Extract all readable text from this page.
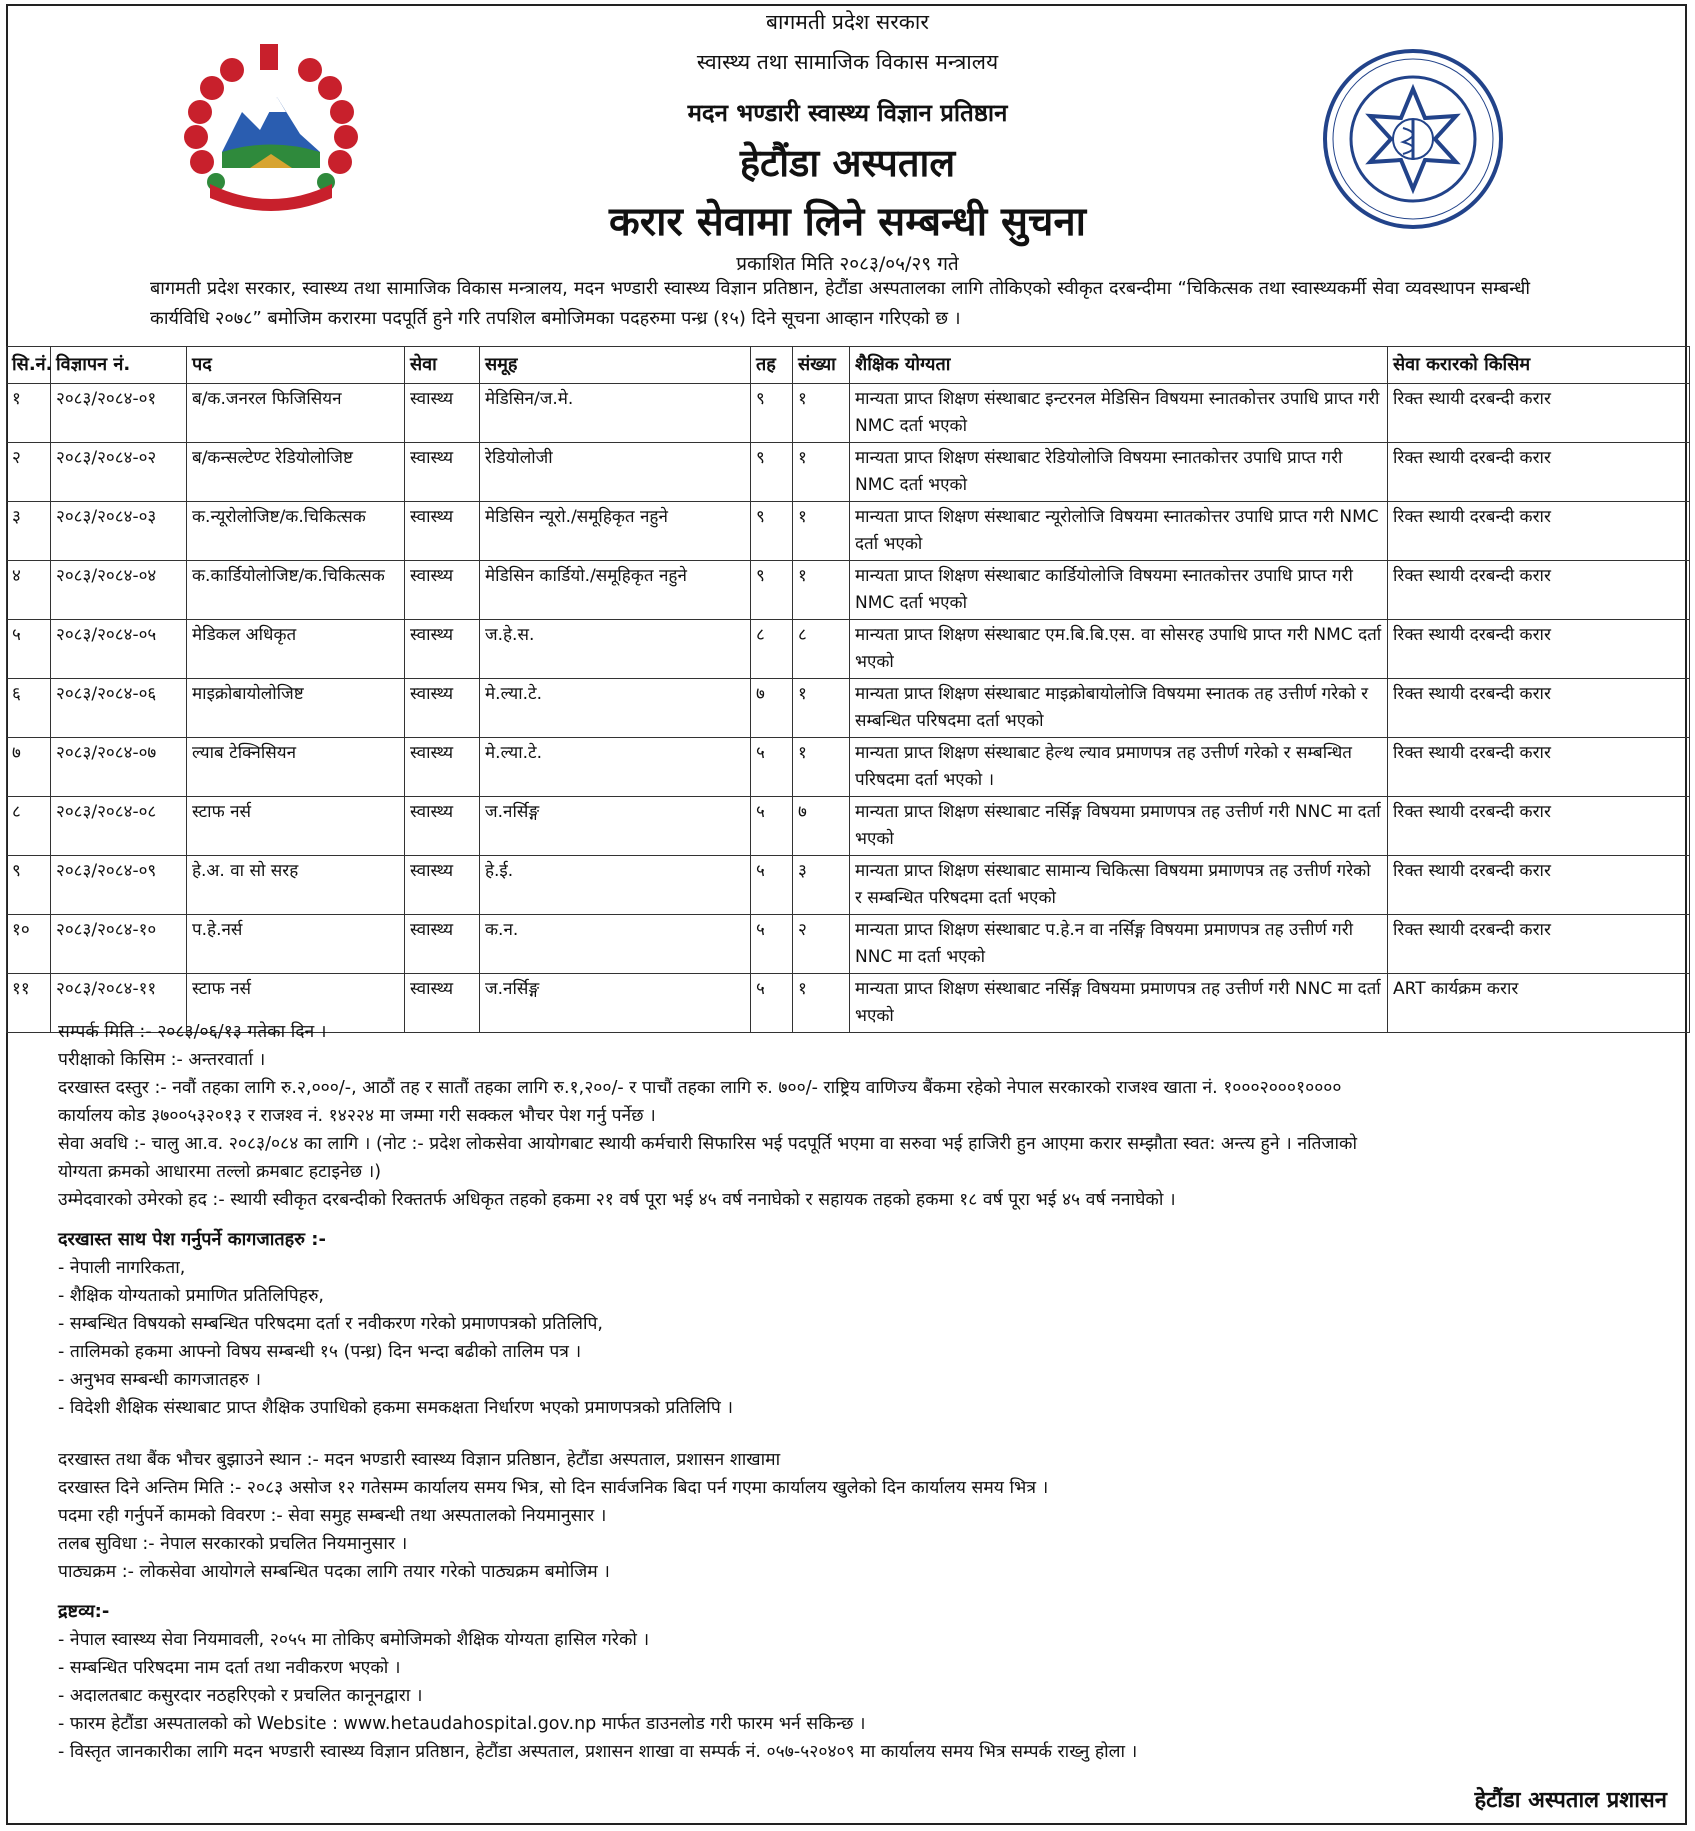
बागमती प्रदेश सरकार
स्वास्थ्य तथा सामाजिक विकास मन्त्रालय
मदन भण्डारी स्वास्थ्य विज्ञान प्रतिष्ठान
हेटौंडा अस्पताल
करार सेवामा लिने सम्बन्धी सुचना
प्रकाशित मिति २०८३/०५/२९ गते
बागमती प्रदेश सरकार, स्वास्थ्य तथा सामाजिक विकास मन्त्रालय, मदन भण्डारी स्वास्थ्य विज्ञान प्रतिष्ठान, हेटौंडा अस्पतालका लागि तोकिएको स्वीकृत दरबन्दीमा “चिकित्सक तथा स्वास्थ्यकर्मी सेवा व्यवस्थापन सम्बन्धी कार्यविधि २०७८” बमोजिम करारमा पदपूर्ति हुने गरि तपशिल बमोजिमका पदहरुमा पन्ध्र (१५) दिने सूचना आव्हान गरिएको छ ।
सि.नं.	विज्ञापन नं.	पद	सेवा	समूह	तह	संख्या	शैक्षिक योग्यता	सेवा करारको किसिम
१	२०८३/२०८४-०१	ब/क.जनरल फिजिसियन	स्वास्थ्य	मेडिसिन/ज.मे.	९	१	मान्यता प्राप्त शिक्षण संस्थाबाट इन्टरनल मेडिसिन विषयमा स्नातकोत्तर उपाधि प्राप्त गरी NMC दर्ता भएको	रिक्त स्थायी दरबन्दी करार
२	२०८३/२०८४-०२	ब/कन्सल्टेण्ट रेडियोलोजिष्ट	स्वास्थ्य	रेडियोलोजी	९	१	मान्यता प्राप्त शिक्षण संस्थाबाट रेडियोलोजि विषयमा स्नातकोत्तर उपाधि प्राप्त गरी NMC दर्ता भएको	रिक्त स्थायी दरबन्दी करार
३	२०८३/२०८४-०३	क.न्यूरोलोजिष्ट/क.चिकित्सक	स्वास्थ्य	मेडिसिन न्यूरो./समूहिकृत नहुने	९	१	मान्यता प्राप्त शिक्षण संस्थाबाट न्यूरोलोजि विषयमा स्नातकोत्तर उपाधि प्राप्त गरी NMC दर्ता भएको	रिक्त स्थायी दरबन्दी करार
४	२०८३/२०८४-०४	क.कार्डियोलोजिष्ट/क.चिकित्सक	स्वास्थ्य	मेडिसिन कार्डियो./समूहिकृत नहुने	९	१	मान्यता प्राप्त शिक्षण संस्थाबाट कार्डियोलोजि विषयमा स्नातकोत्तर उपाधि प्राप्त गरी NMC दर्ता भएको	रिक्त स्थायी दरबन्दी करार
५	२०८३/२०८४-०५	मेडिकल अधिकृत	स्वास्थ्य	ज.हे.स.	८	८	मान्यता प्राप्त शिक्षण संस्थाबाट एम.बि.बि.एस. वा सोसरह उपाधि प्राप्त गरी NMC दर्ता भएको	रिक्त स्थायी दरबन्दी करार
६	२०८३/२०८४-०६	माइक्रोबायोलोजिष्ट	स्वास्थ्य	मे.ल्या.टे.	७	१	मान्यता प्राप्त शिक्षण संस्थाबाट माइक्रोबायोलोजि विषयमा स्नातक तह उत्तीर्ण गरेको र सम्बन्धित परिषदमा दर्ता भएको	रिक्त स्थायी दरबन्दी करार
७	२०८३/२०८४-०७	ल्याब टेक्निसियन	स्वास्थ्य	मे.ल्या.टे.	५	१	मान्यता प्राप्त शिक्षण संस्थाबाट हेल्थ ल्याव प्रमाणपत्र तह उत्तीर्ण गरेको र सम्बन्धित परिषदमा दर्ता भएको ।	रिक्त स्थायी दरबन्दी करार
८	२०८३/२०८४-०८	स्टाफ नर्स	स्वास्थ्य	ज.नर्सिङ्ग	५	७	मान्यता प्राप्त शिक्षण संस्थाबाट नर्सिङ्ग विषयमा प्रमाणपत्र तह उत्तीर्ण गरी NNC मा दर्ता भएको	रिक्त स्थायी दरबन्दी करार
९	२०८३/२०८४-०९	हे.अ. वा सो सरह	स्वास्थ्य	हे.ई.	५	३	मान्यता प्राप्त शिक्षण संस्थाबाट सामान्य चिकित्सा विषयमा प्रमाणपत्र तह उत्तीर्ण गरेको र सम्बन्धित परिषदमा दर्ता भएको	रिक्त स्थायी दरबन्दी करार
१०	२०८३/२०८४-१०	प.हे.नर्स	स्वास्थ्य	क.न.	५	२	मान्यता प्राप्त शिक्षण संस्थाबाट प.हे.न वा नर्सिङ्ग विषयमा प्रमाणपत्र तह उत्तीर्ण गरी NNC मा दर्ता भएको	रिक्त स्थायी दरबन्दी करार
११	२०८३/२०८४-११	स्टाफ नर्स	स्वास्थ्य	ज.नर्सिङ्ग	५	१	मान्यता प्राप्त शिक्षण संस्थाबाट नर्सिङ्ग विषयमा प्रमाणपत्र तह उत्तीर्ण गरी NNC मा दर्ता भएको	ART कार्यक्रम करार

सम्पर्क मिति :- २०८३/०६/१३ गतेका दिन ।

परीक्षाको किसिम :- अन्तरवार्ता ।

दरखास्त दस्तुर :- नवौं तहका लागि रु.२,०००/-, आठौं तह र सातौं तहका लागि रु.१,२००/- र पाचौं तहका लागि रु. ७००/- राष्ट्रिय वाणिज्य बैंकमा रहेको नेपाल सरकारको राजश्व खाता नं. १०००२०००१००००

कार्यालय कोड ३७००५३२०१३ र राजश्व नं. १४२२४ मा जम्मा गरी सक्कल भौचर पेश गर्नु पर्नेछ ।

सेवा अवधि :- चालु आ.व. २०८३/०८४ का लागि । (नोट :- प्रदेश लोकसेवा आयोगबाट स्थायी कर्मचारी सिफारिस भई पदपूर्ति भएमा वा सरुवा भई हाजिरी हुन आएमा करार सम्झौता स्वत: अन्त्य हुने । नतिजाको

योग्यता क्रमको आधारमा तल्लो क्रमबाट हटाइनेछ ।)

उम्मेदवारको उमेरको हद :- स्थायी स्वीकृत दरबन्दीको रिक्ततर्फ अधिकृत तहको हकमा २१ वर्ष पूरा भई ४५ वर्ष ननाघेको र सहायक तहको हकमा १८ वर्ष पूरा भई ४५ वर्ष ननाघेको ।

दरखास्त साथ पेश गर्नुपर्ने कागजातहरु :-

- नेपाली नागरिकता,

- शैक्षिक योग्यताको प्रमाणित प्रतिलिपिहरु,

- सम्बन्धित विषयको सम्बन्धित परिषदमा दर्ता र नवीकरण गरेको प्रमाणपत्रको प्रतिलिपि,

- तालिमको हकमा आफ्नो विषय सम्बन्धी १५ (पन्ध्र) दिन भन्दा बढीको तालिम पत्र ।

- अनुभव सम्बन्धी कागजातहरु ।

- विदेशी शैक्षिक संस्थाबाट प्राप्त शैक्षिक उपाधिको हकमा समकक्षता निर्धारण भएको प्रमाणपत्रको प्रतिलिपि ।

दरखास्त तथा बैंक भौचर बुझाउने स्थान :- मदन भण्डारी स्वास्थ्य विज्ञान प्रतिष्ठान, हेटौंडा अस्पताल, प्रशासन शाखामा

दरखास्त दिने अन्तिम मिति :- २०८३ असोज १२ गतेसम्म कार्यालय समय भित्र, सो दिन सार्वजनिक बिदा पर्न गएमा कार्यालय खुलेको दिन कार्यालय समय भित्र ।

पदमा रही गर्नुपर्ने कामको विवरण :- सेवा समुह सम्बन्धी तथा अस्पतालको नियमानुसार ।

तलब सुविधा :- नेपाल सरकारको प्रचलित नियमानुसार ।

पाठ्यक्रम :- लोकसेवा आयोगले सम्बन्धित पदका लागि तयार गरेको पाठ्यक्रम बमोजिम ।

द्रष्टव्य:-

- नेपाल स्वास्थ्य सेवा नियमावली, २०५५ मा तोकिए बमोजिमको शैक्षिक योग्यता हासिल गरेको ।

- सम्बन्धित परिषदमा नाम दर्ता तथा नवीकरण भएको ।

- अदालतबाट कसुरदार नठहरिएको र प्रचलित कानूनद्वारा ।

- फारम हेटौंडा अस्पतालको को Website : www.hetaudahospital.gov.np मार्फत डाउनलोड गरी फारम भर्न सकिन्छ ।

- विस्तृत जानकारीका लागि मदन भण्डारी स्वास्थ्य विज्ञान प्रतिष्ठान, हेटौंडा अस्पताल, प्रशासन शाखा वा सम्पर्क नं. ०५७-५२०४०९ मा कार्यालय समय भित्र सम्पर्क राख्नु होला ।

हेटौंडा अस्पताल प्रशासन
